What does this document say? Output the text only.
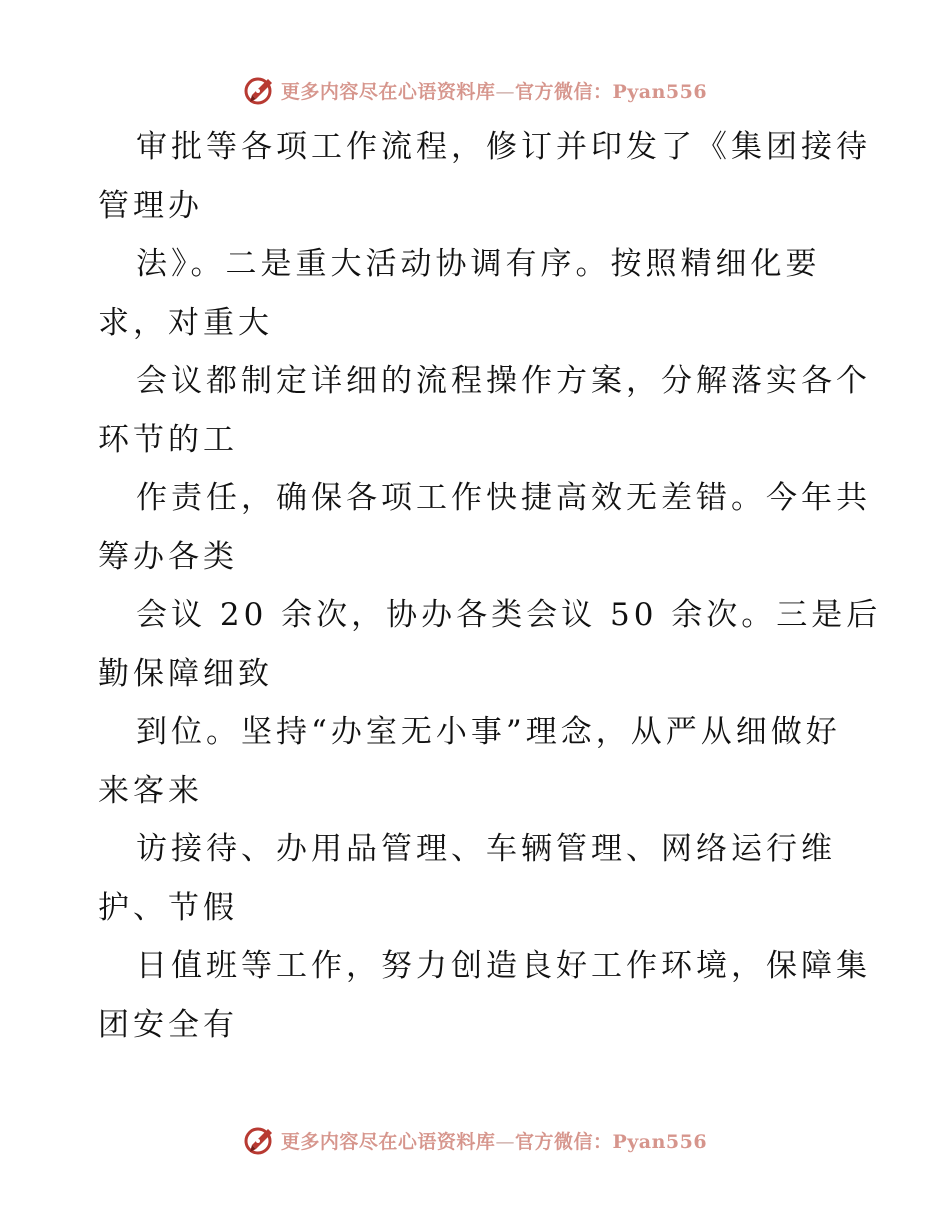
更多内容尽在心语资料库—官方微信：Pyan556

审批等各项工作流程，修订并印发了《集团接待
管理办

法》。二是重大活动协调有序。按照精细化要
求，对重大

会议都制定详细的流程操作方案，分解落实各个
环节的工

作责任，确保各项工作快捷高效无差错。今年共
筹办各类

会议 20 余次，协办各类会议 50 余次。三是后
勤保障细致

到位。坚持“办室无小事”理念，从严从细做好
来客来

访接待、办用品管理、车辆管理、网络运行维
护、节假

日值班等工作，努力创造良好工作环境，保障集
团安全有

更多内容尽在心语资料库—官方微信：Pyan556
